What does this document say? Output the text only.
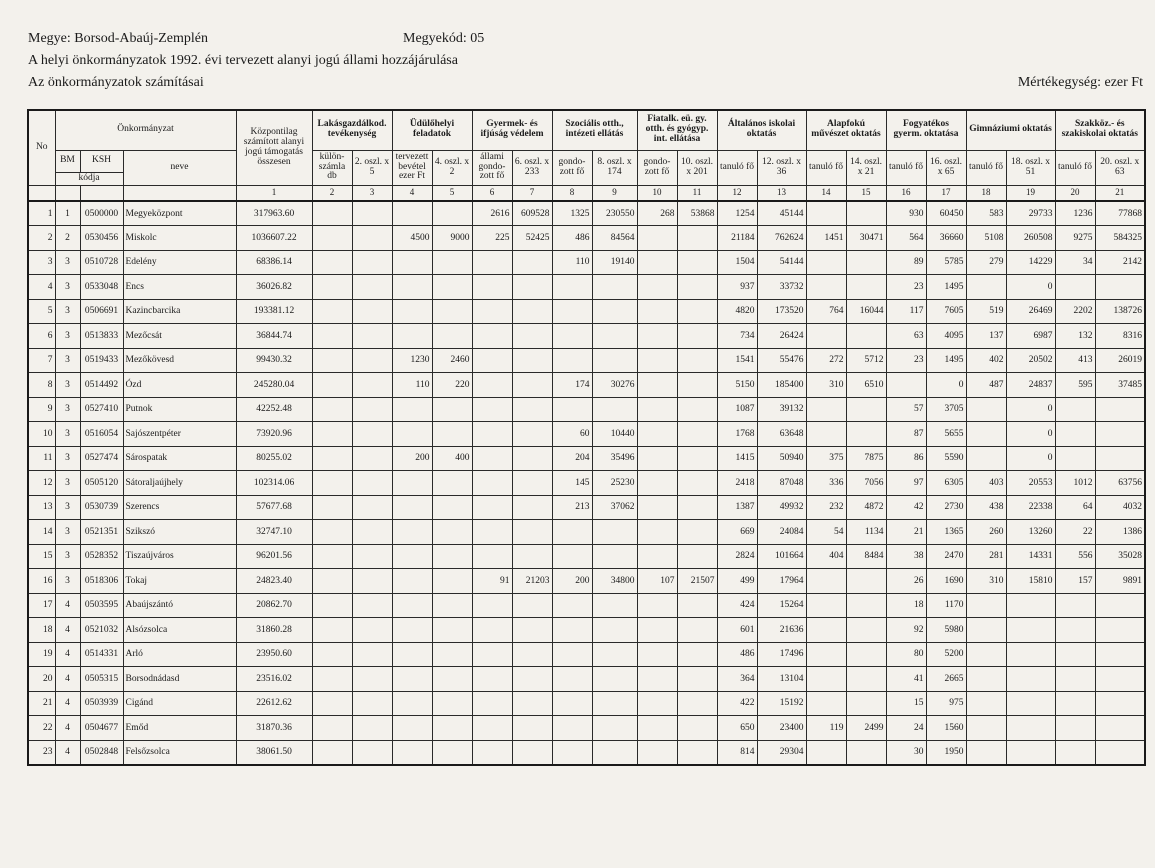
Megye: Borsod-Abaúj-Zemplén	Megyekód: 05
A helyi önkormányzatok 1992. évi tervezett alanyi jogú állami hozzájárulása
Az önkormányzatok számításai	Mértékegység: ezer Ft
No	Önkormányzat			Központilag számított alanyi jogú támogatás összesen	Lakásgazdálkod. tevékenység		Üdülőhelyi feladatok		Gyermek- és ifjúság védelem		Szociális otth., intézeti ellátás		Fiatalk. eü. gy. otth. és gyógyp. int. ellátása		Általános iskolai oktatás		Alapfokú művészet oktatás		Fogyatékos gyerm. oktatása		Gimnáziumi oktatás		Szakköz.- és szakiskolai oktatás	
	BM	KSH	neve		külön- számla db	2. oszl. x 5	tervezett bevétel ezer Ft	4. oszl. x 2	állami gondo- zott fő	6. oszl. x 233	gondo- zott fő	8. oszl. x 174	gondo- zott fő	10. oszl. x 201	tanuló fő	12. oszl. x 36	tanuló fő	14. oszl. x 21	tanuló fő	16. oszl. x 65	tanuló fő	18. oszl. x 51	tanuló fő	20. oszl. x 63
	kódja																							
				1	2	3	4	5	6	7	8	9	10	11	12	13	14	15	16	17	18	19	20	21
1	1	0500000	Megyeközpont	317963.60					2616	609528	1325	230550	268	53868	1254	45144			930	60450	583	29733	1236	77868
2	2	0530456	Miskolc	1036607.22			4500	9000	225	52425	486	84564			21184	762624	1451	30471	564	36660	5108	260508	9275	584325
3	3	0510728	Edelény	68386.14							110	19140			1504	54144			89	5785	279	14229	34	2142
4	3	0533048	Encs	36026.82											937	33732			23	1495		0		
5	3	0506691	Kazincbarcika	193381.12											4820	173520	764	16044	117	7605	519	26469	2202	138726
6	3	0513833	Mezőcsát	36844.74											734	26424			63	4095	137	6987	132	8316
7	3	0519433	Mezőkövesd	99430.32			1230	2460							1541	55476	272	5712	23	1495	402	20502	413	26019
8	3	0514492	Ózd	245280.04			110	220			174	30276			5150	185400	310	6510		0	487	24837	595	37485
9	3	0527410	Putnok	42252.48											1087	39132			57	3705		0		
10	3	0516054	Sajószentpéter	73920.96							60	10440			1768	63648			87	5655		0		
11	3	0527474	Sárospatak	80255.02			200	400			204	35496			1415	50940	375	7875	86	5590		0		
12	3	0505120	Sátoraljaújhely	102314.06							145	25230			2418	87048	336	7056	97	6305	403	20553	1012	63756
13	3	0530739	Szerencs	57677.68							213	37062			1387	49932	232	4872	42	2730	438	22338	64	4032
14	3	0521351	Szikszó	32747.10											669	24084	54	1134	21	1365	260	13260	22	1386
15	3	0528352	Tiszaújváros	96201.56											2824	101664	404	8484	38	2470	281	14331	556	35028
16	3	0518306	Tokaj	24823.40					91	21203	200	34800	107	21507	499	17964			26	1690	310	15810	157	9891
17	4	0503595	Abaújszántó	20862.70											424	15264			18	1170				
18	4	0521032	Alsózsolca	31860.28											601	21636			92	5980				
19	4	0514331	Arló	23950.60											486	17496			80	5200				
20	4	0505315	Borsodnádasd	23516.02											364	13104			41	2665				
21	4	0503939	Cigánd	22612.62											422	15192			15	975				
22	4	0504677	Emőd	31870.36											650	23400	119	2499	24	1560				
23	4	0502848	Felsőzsolca	38061.50											814	29304			30	1950				
